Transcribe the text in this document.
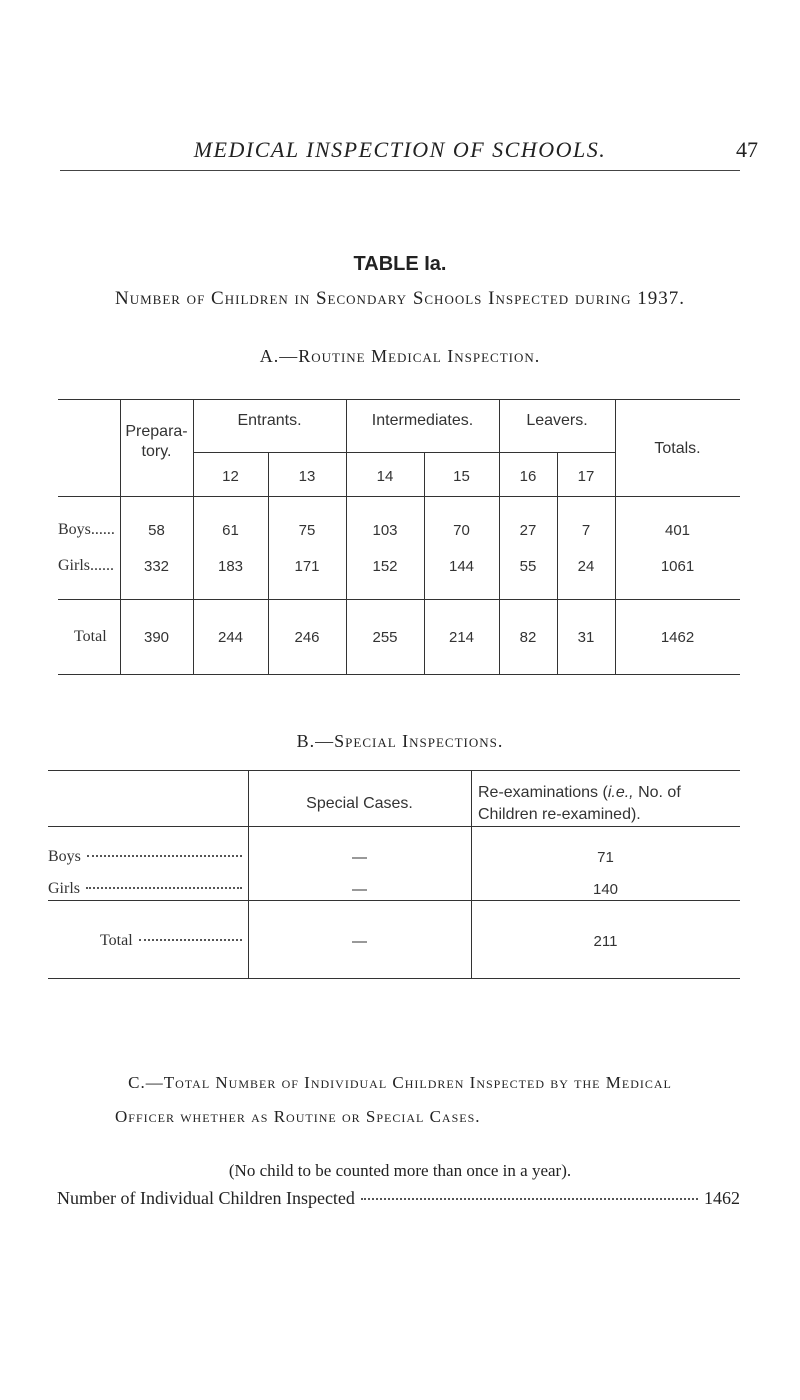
MEDICAL INSPECTION OF SCHOOLS.	47
TABLE Ia.
Number of Children in Secondary Schools Inspected during 1937.
A.—Routine Medical Inspection.
Prepara-
tory.
Entrants.	Intermediates.	Leavers.
Totals.
12	13	14	15	16	17
Boys......	58	61	75	103	70	27	7	401
Girls......	332	183	171	152	144	55	24	1061
Total	390	244	246	255	214	82	31	1462
B.—Special Inspections.
Special Cases.
Re-examinations (i.e., No. of Children re-examined).
Boys	—	71
Girls	—	140
Total	—	211
C.—Total Number of Individual Children Inspected by the Medical
Officer whether as Routine or Special Cases.
(No child to be counted more than once in a year).
Number of Individual Children Inspected	1462
